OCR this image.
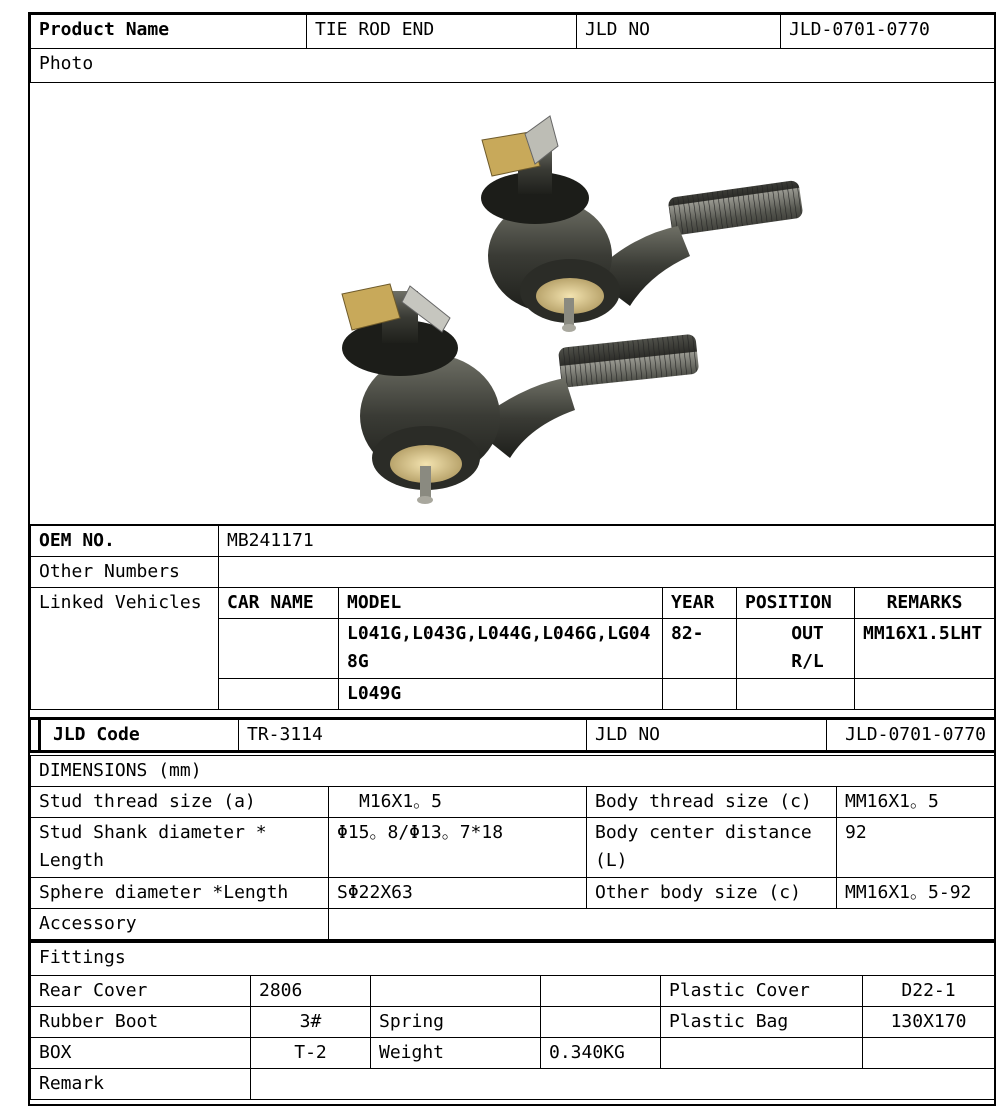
Product Name	TIE ROD END	JLD NO	JLD-0701-0770
Photo
OEM NO.	MB241171				
Other Numbers					
Linked Vehicles	CAR NAME	MODEL	YEAR	POSITION	REMARKS
		L041G,L043G,L044G,L046G,LG048G	82-	OUT R/L	MM16X1.5LHT
		L049G			
JLD Code	TR-3114	JLD NO	JLD-0701-0770
DIMENSIONS (mm)			
Stud thread size (a)	M16X1。5	Body thread size (c)	MM16X1。5
Stud Shank diameter * Length	Φ15。8/Φ13。7*18	Body center distance (L)	92
Sphere diameter *Length	SΦ22X63	Other body size (c)	MM16X1。5-92
Accessory			
Fittings					
Rear Cover	2806			Plastic Cover	D22-1
Rubber Boot	3#	Spring		Plastic Bag	130X170
BOX	T-2	Weight	0.340KG		
Remark					
